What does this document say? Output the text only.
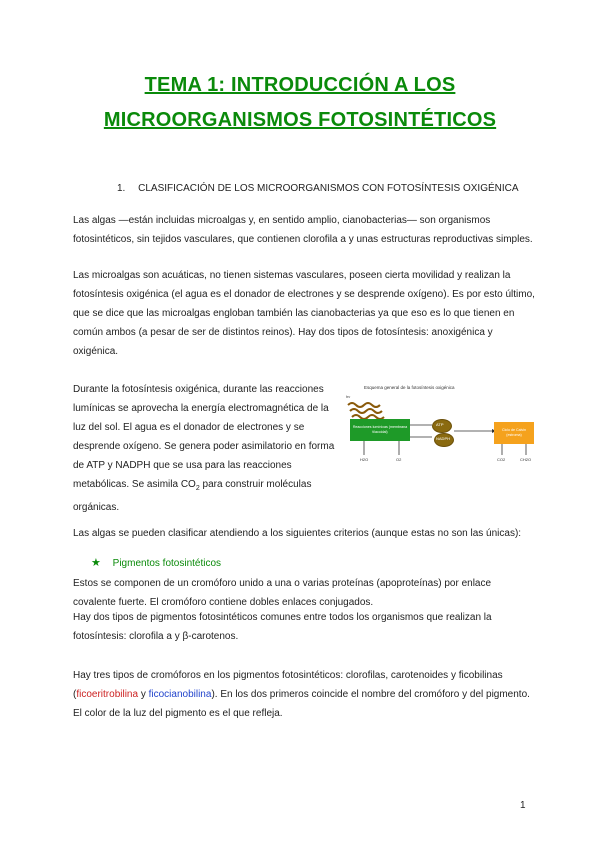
TEMA 1: INTRODUCCIÓN A LOS
MICROORGANISMOS FOTOSINTÉTICOS
1. CLASIFICACIÓN DE LOS MICROORGANISMOS CON FOTOSÍNTESIS OXIGÉNICA
Las algas —están incluidas microalgas y, en sentido amplio, cianobacterias— son organismos fotosintéticos, sin tejidos vasculares, que contienen clorofila a y unas estructuras reproductivas simples.
Las microalgas son acuáticas, no tienen sistemas vasculares, poseen cierta movilidad y realizan la fotosíntesis oxigénica (el agua es el donador de electrones y se desprende oxígeno). Es por esto último, que se dice que las microalgas engloban también las cianobacterias ya que eso es lo que tienen en común ambos (a pesar de ser de distintos reinos). Hay dos tipos de fotosíntesis: anoxigénica y oxigénica.
Durante la fotosíntesis oxigénica, durante las reacciones lumínicas se aprovecha la energía electromagnética de la luz del sol. El agua es el donador de electrones y se desprende oxígeno. Se genera poder asimilatorio en forma de ATP y NADPH que se usa para las reacciones metabólicas. Se asimila $CO_2$ para construir moléculas orgánicas.
Esquema general de la fotosíntesis oxigénica
hν
Reacciones lumínicas (membrana tilacoidal)
ATP
NADPH
Ciclo de Calvin (estroma)
H2O	O2	CO2	CH2O
Las algas se pueden clasificar atendiendo a los siguientes criterios (aunque estas no son las únicas):
★ Pigmentos fotosintéticos
Estos se componen de un cromóforo unido a una o varias proteínas (apoproteínas) por enlace covalente fuerte. El cromóforo contiene dobles enlaces conjugados.
Hay dos tipos de pigmentos fotosintéticos comunes entre todos los organismos que realizan la fotosíntesis: clorofila a y β-carotenos.
Hay tres tipos de cromóforos en los pigmentos fotosintéticos: clorofilas, carotenoides y ficobilinas (ficoeritrobilina y ficocianobilina). En los dos primeros coincide el nombre del cromóforo y del pigmento. El color de la luz del pigmento es el que refleja.
1
